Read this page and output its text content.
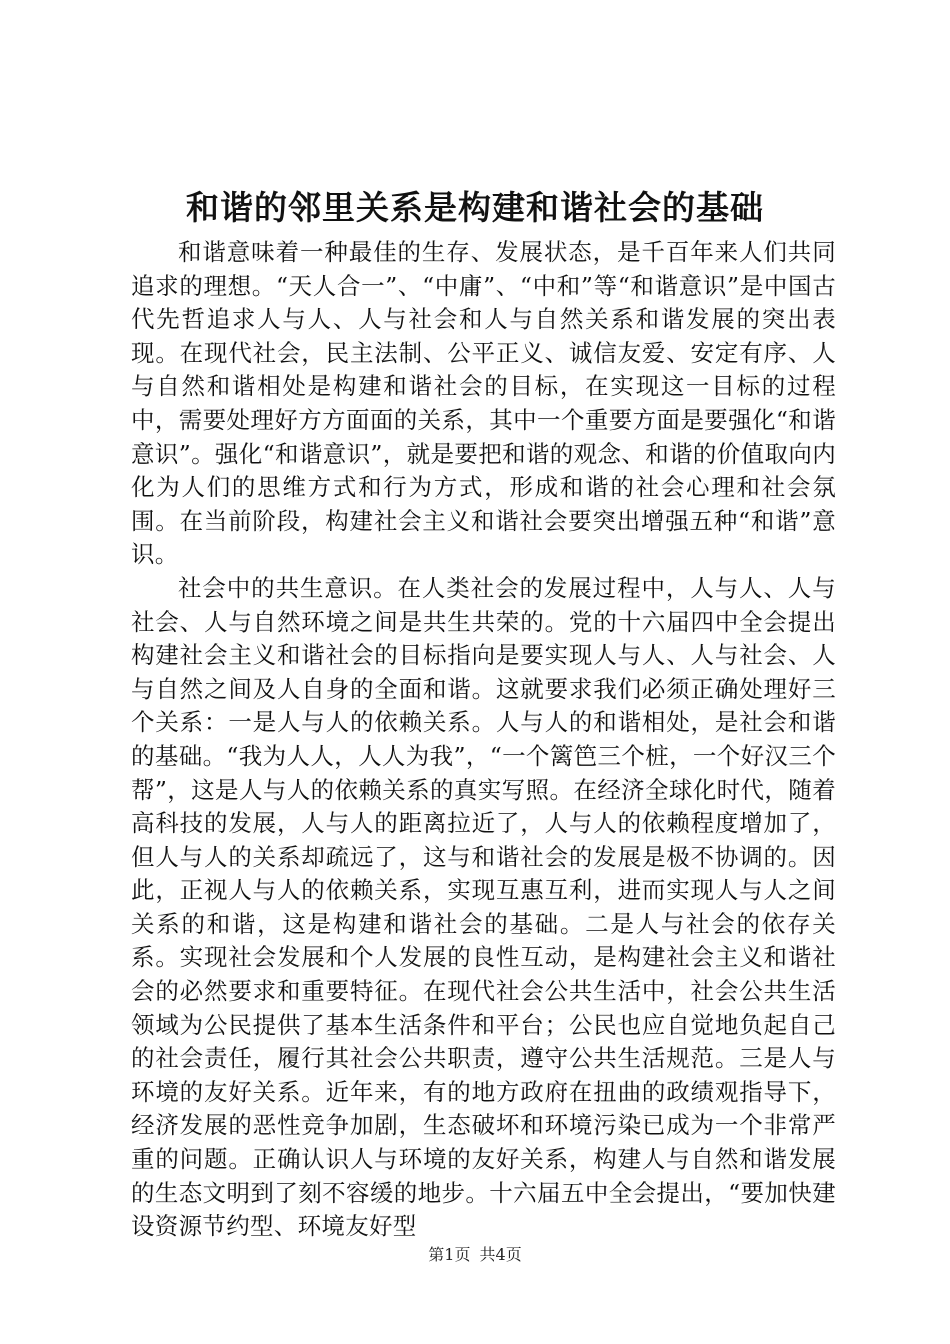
和谐的邻里关系是构建和谐社会的基础

和谐意味着一种最佳的生存、发展状态，是千百年来人们共同追求的理想。“天人合一”、“中庸”、“中和”等“和谐意识”是中国古代先哲追求人与人、人与社会和人与自然关系和谐发展的突出表现。在现代社会，民主法制、公平正义、诚信友爱、安定有序、人与自然和谐相处是构建和谐社会的目标，在实现这一目标的过程中，需要处理好方方面面的关系，其中一个重要方面是要强化“和谐意识”。强化“和谐意识”，就是要把和谐的观念、和谐的价值取向内化为人们的思维方式和行为方式，形成和谐的社会心理和社会氛围。在当前阶段，构建社会主义和谐社会要突出增强五种“和谐”意识。

社会中的共生意识。在人类社会的发展过程中，人与人、人与社会、人与自然环境之间是共生共荣的。党的十六届四中全会提出构建社会主义和谐社会的目标指向是要实现人与人、人与社会、人与自然之间及人自身的全面和谐。这就要求我们必须正确处理好三个关系：一是人与人的依赖关系。人与人的和谐相处，是社会和谐的基础。“我为人人，人人为我”，“一个篱笆三个桩，一个好汉三个帮”，这是人与人的依赖关系的真实写照。在经济全球化时代，随着高科技的发展，人与人的距离拉近了，人与人的依赖程度增加了，但人与人的关系却疏远了，这与和谐社会的发展是极不协调的。因此，正视人与人的依赖关系，实现互惠互利，进而实现人与人之间关系的和谐，这是构建和谐社会的基础。二是人与社会的依存关系。实现社会发展和个人发展的良性互动，是构建社会主义和谐社会的必然要求和重要特征。在现代社会公共生活中，社会公共生活领域为公民提供了基本生活条件和平台；公民也应自觉地负起自己的社会责任，履行其社会公共职责，遵守公共生活规范。三是人与环境的友好关系。近年来，有的地方政府在扭曲的政绩观指导下，经济发展的恶性竞争加剧，生态破坏和环境污染已成为一个非常严重的问题。正确认识人与环境的友好关系，构建人与自然和谐发展的生态文明到了刻不容缓的地步。十六届五中全会提出，“要加快建设资源节约型、环境友好型

第1页 共4页
